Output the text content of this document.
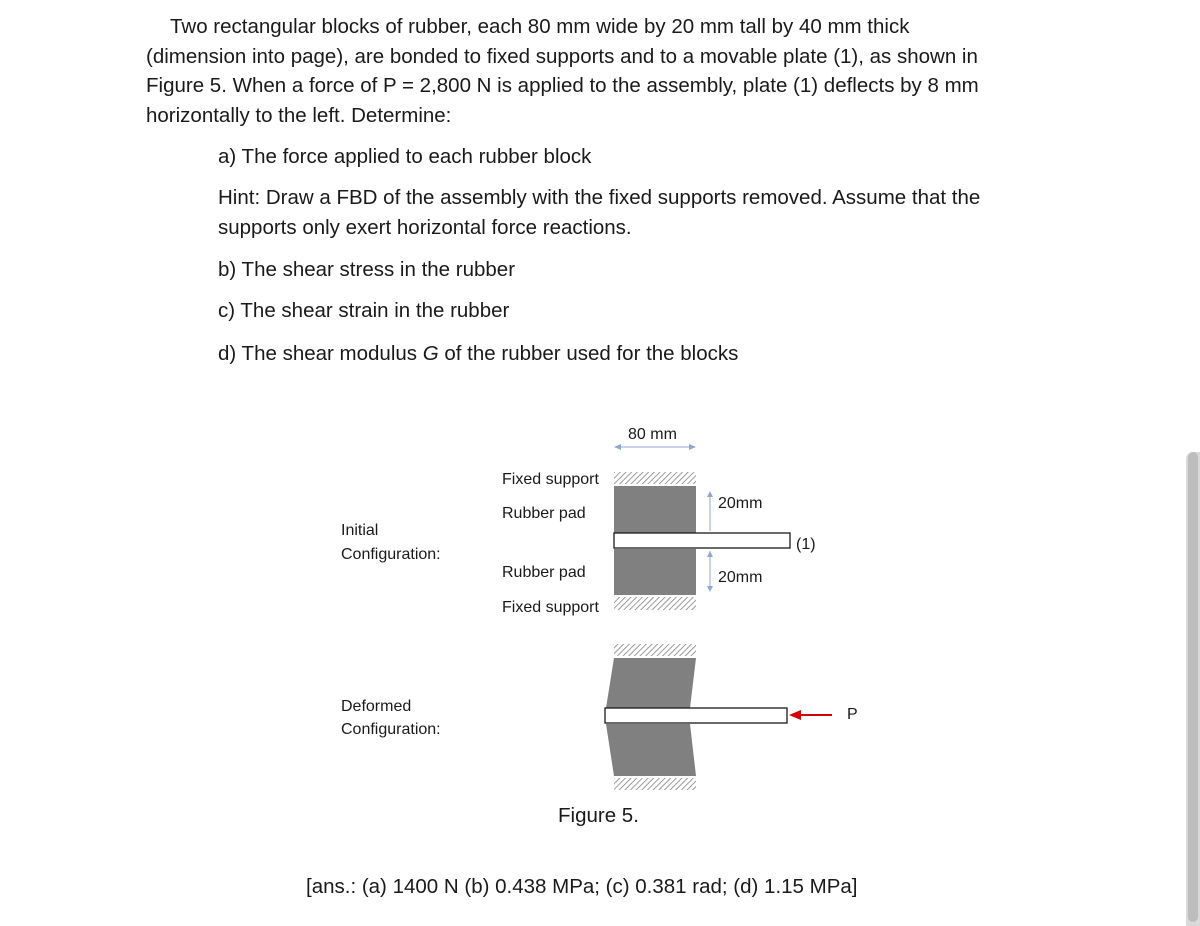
Two rectangular blocks of rubber, each 80 mm wide by 20 mm tall by 40 mm thick
(dimension into page), are bonded to fixed supports and to a movable plate (1), as shown in
Figure 5. When a force of P = 2,800 N is applied to the assembly, plate (1) deflects by 8 mm
horizontally to the left. Determine:
a) The force applied to each rubber block
Hint: Draw a FBD of the assembly with the fixed supports removed. Assume that the
supports only exert horizontal force reactions.
b) The shear stress in the rubber
c) The shear strain in the rubber
d) The shear modulus G of the rubber used for the blocks
80 mm
Fixed support
Rubber pad
20mm
Initial
Configuration:
(1)
Rubber pad	20mm
Fixed support
Deformed
Configuration:
P
Figure 5.
[ans.: (a) 1400 N (b) 0.438 MPa; (c) 0.381 rad; (d) 1.15 MPa]
